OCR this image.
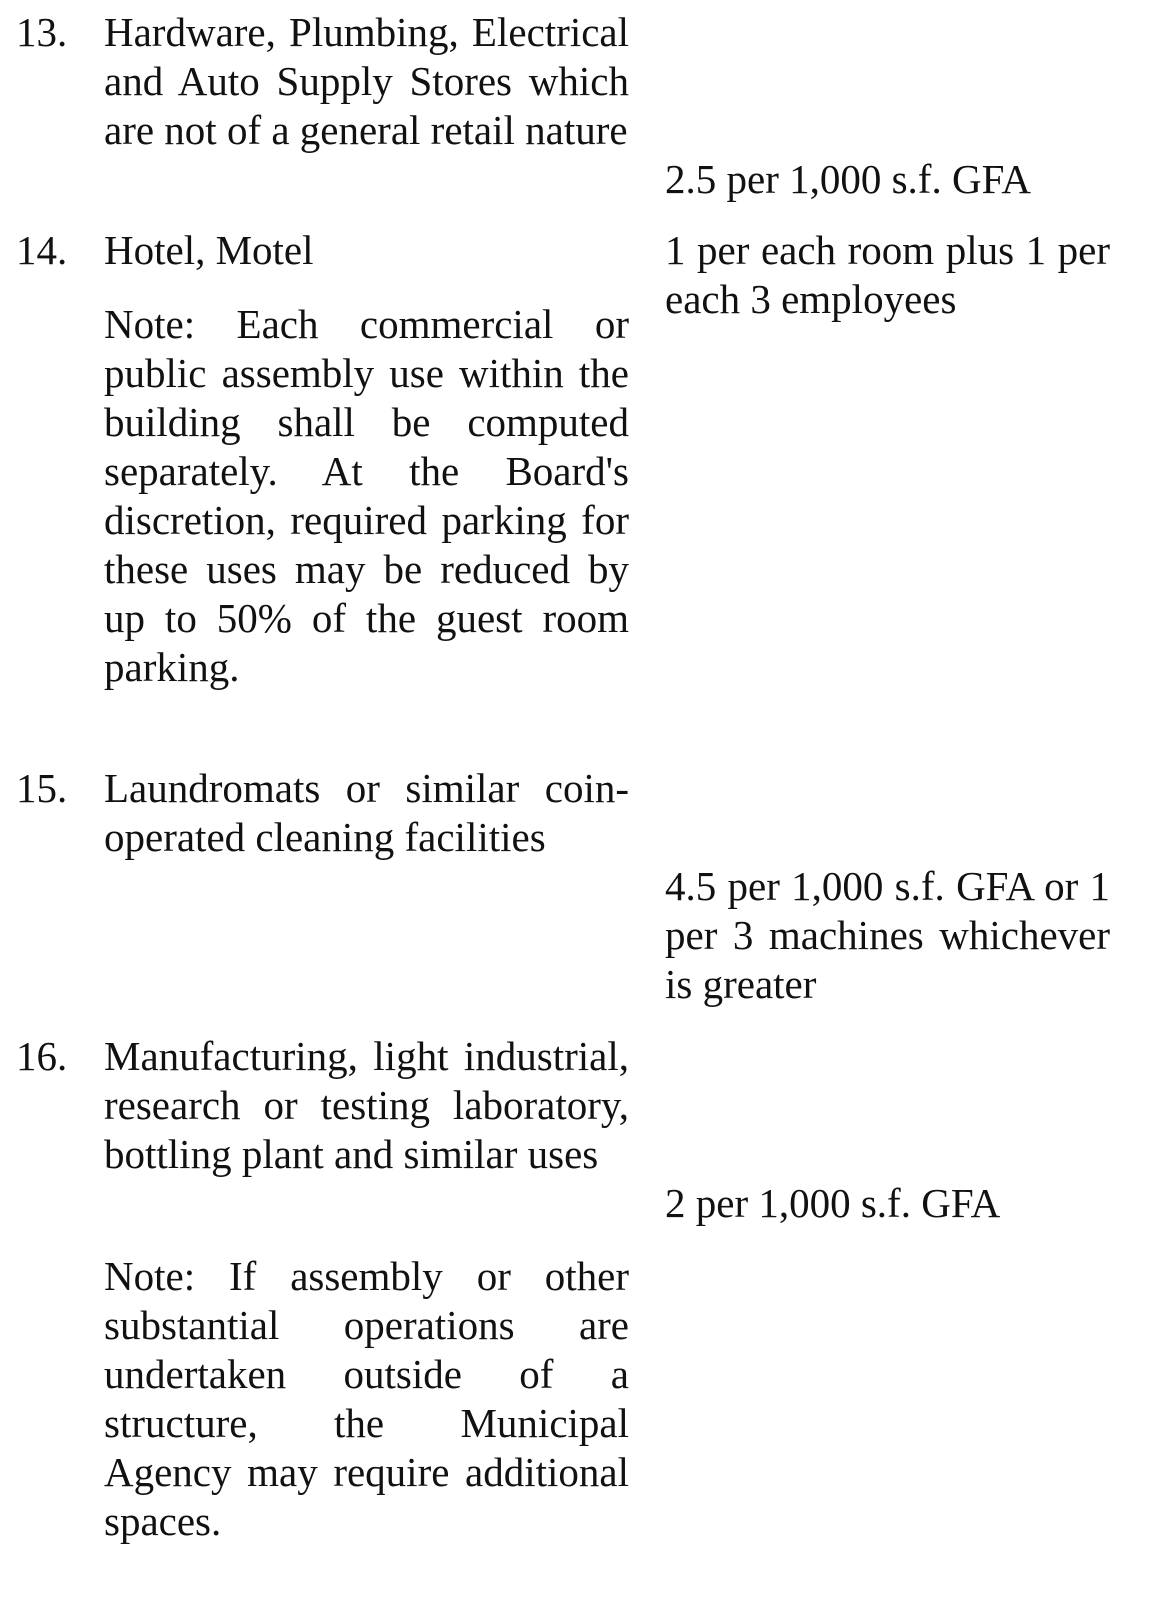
13. Hardware, Plumbing, Electrical and Auto Supply Stores which are not of a general retail nature
2.5 per 1,000 s.f. GFA
14. Hotel, Motel	1 per each room plus 1 per each 3 employees
Note: Each commercial or public assembly use within the building shall be computed separately. At the Board's discretion, required parking for these uses may be reduced by up to 50% of the guest room parking.
15. Laundromats or similar coin-operated cleaning facilities
4.5 per 1,000 s.f. GFA or 1 per 3 machines whichever is greater
16. Manufacturing, light industrial, research or testing laboratory, bottling plant and similar uses
2 per 1,000 s.f. GFA
Note: If assembly or other substantial operations are undertaken outside of a structure, the Municipal Agency may require additional spaces.
